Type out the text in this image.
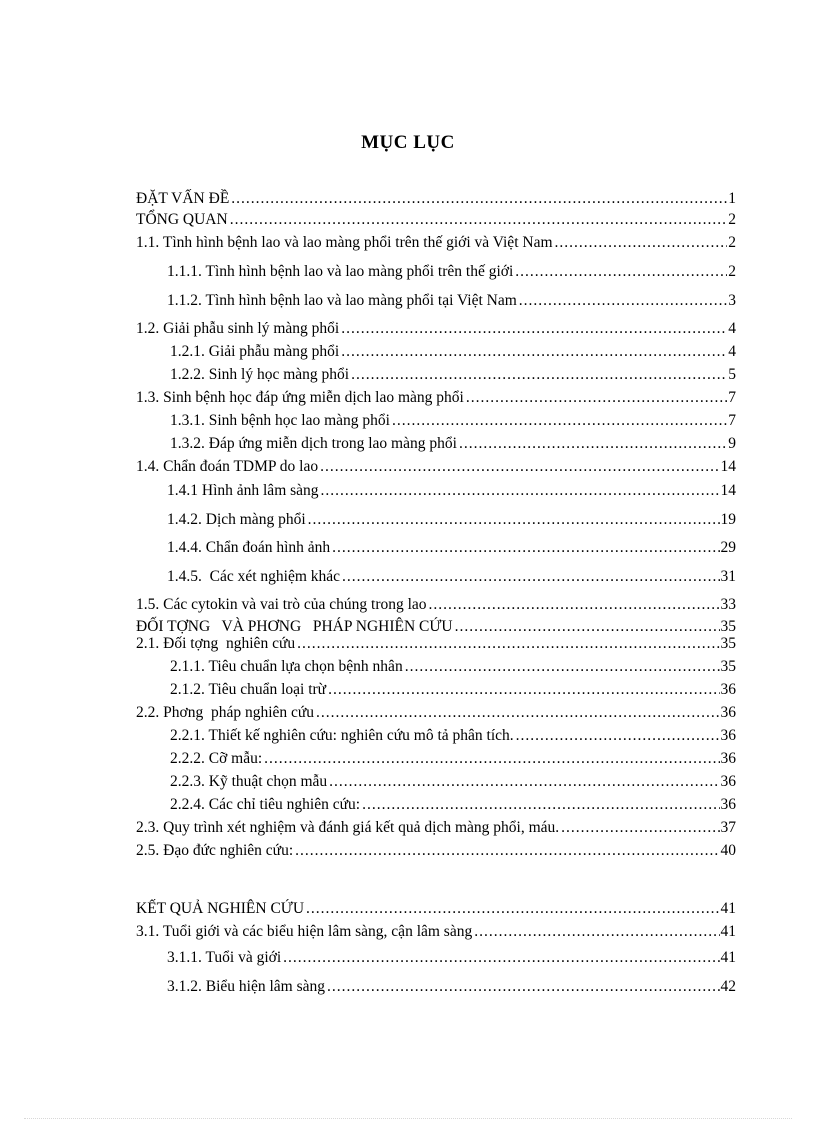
MỤC LỤC
ĐẶT VẤN ĐỀ .....	1
TỔNG QUAN .....	2
1.1. Tình hình bệnh lao và lao màng phổi trên thế giới và Việt Nam .....	2
1.1.1. Tình hình bệnh lao và lao màng phổi trên thế giới .....	2
1.1.2. Tình hình bệnh lao và lao màng phổi tại Việt Nam .....	3
1.2. Giải phẫu sinh lý màng phổi .....	4
1.2.1. Giải phẫu màng phổi .....	4
1.2.2. Sinh lý học màng phổi .....	5
1.3. Sinh bệnh học đáp ứng miễn dịch lao màng phổi .....	7
1.3.1. Sinh bệnh học lao màng phổi .....	7
1.3.2. Đáp ứng miễn dịch trong lao màng phổi .....	9
1.4. Chẩn đoán TDMP do lao .....	14
1.4.1 Hình ảnh lâm sàng .....	14
1.4.2. Dịch màng phổi .....	19
1.4.4. Chẩn đoán hình ảnh .....	29
1.4.5.  Các xét nghiệm khác .....	31
1.5. Các cytokin và vai trò của chúng trong lao .....	33
ĐỐI TỢNG   VÀ PHƠNG   PHÁP NGHIÊN CỨU .....	35
2.1. Đối tợng  nghiên cứu .....	35
2.1.1. Tiêu chuẩn lựa chọn bệnh nhân .....	35
2.1.2. Tiêu chuẩn loại trừ .....	36
2.2. Phơng  pháp nghiên cứu .....	36
2.2.1. Thiết kế nghiên cứu: nghiên cứu mô tả phân tích. .....	36
2.2.2. Cỡ mẫu: .....	36
2.2.3. Kỹ thuật chọn mẫu .....	36
2.2.4. Các chỉ tiêu nghiên cứu: .....	36
2.3. Quy trình xét nghiệm và đánh giá kết quả dịch màng phổi, máu. .....	37
2.5. Đạo đức nghiên cứu: .....	40
KẾT QUẢ NGHIÊN CỨU .....	41
3.1. Tuổi giới và các biểu hiện lâm sàng, cận lâm sàng .....	41
3.1.1. Tuổi và giới .....	41
3.1.2. Biểu hiện lâm sàng .....	42
